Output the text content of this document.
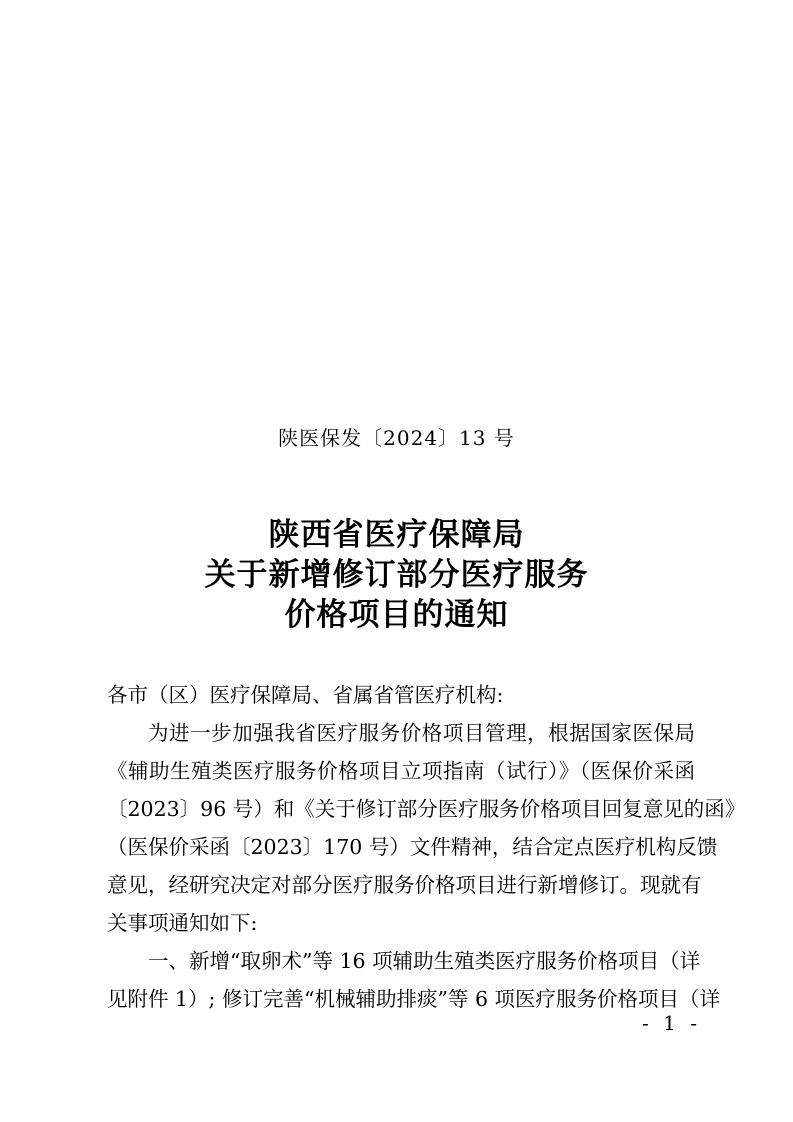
陕医保发〔2024〕13 号
陕西省医疗保障局
关于新增修订部分医疗服务
价格项目的通知
各市（区）医疗保障局、省属省管医疗机构:
为进一步加强我省医疗服务价格项目管理，根据国家医保局
《辅助生殖类医疗服务价格项目立项指南（试行）》（医保价采函
〔2023〕96 号）和《关于修订部分医疗服务价格项目回复意见的函》
（医保价采函〔2023〕170 号）文件精神，结合定点医疗机构反馈
意见，经研究决定对部分医疗服务价格项目进行新增修订。现就有
关事项通知如下:
一、新增“取卵术”等 16 项辅助生殖类医疗服务价格项目（详
见附件 1）; 修订完善“机械辅助排痰”等 6 项医疗服务价格项目（详
- 1 -
